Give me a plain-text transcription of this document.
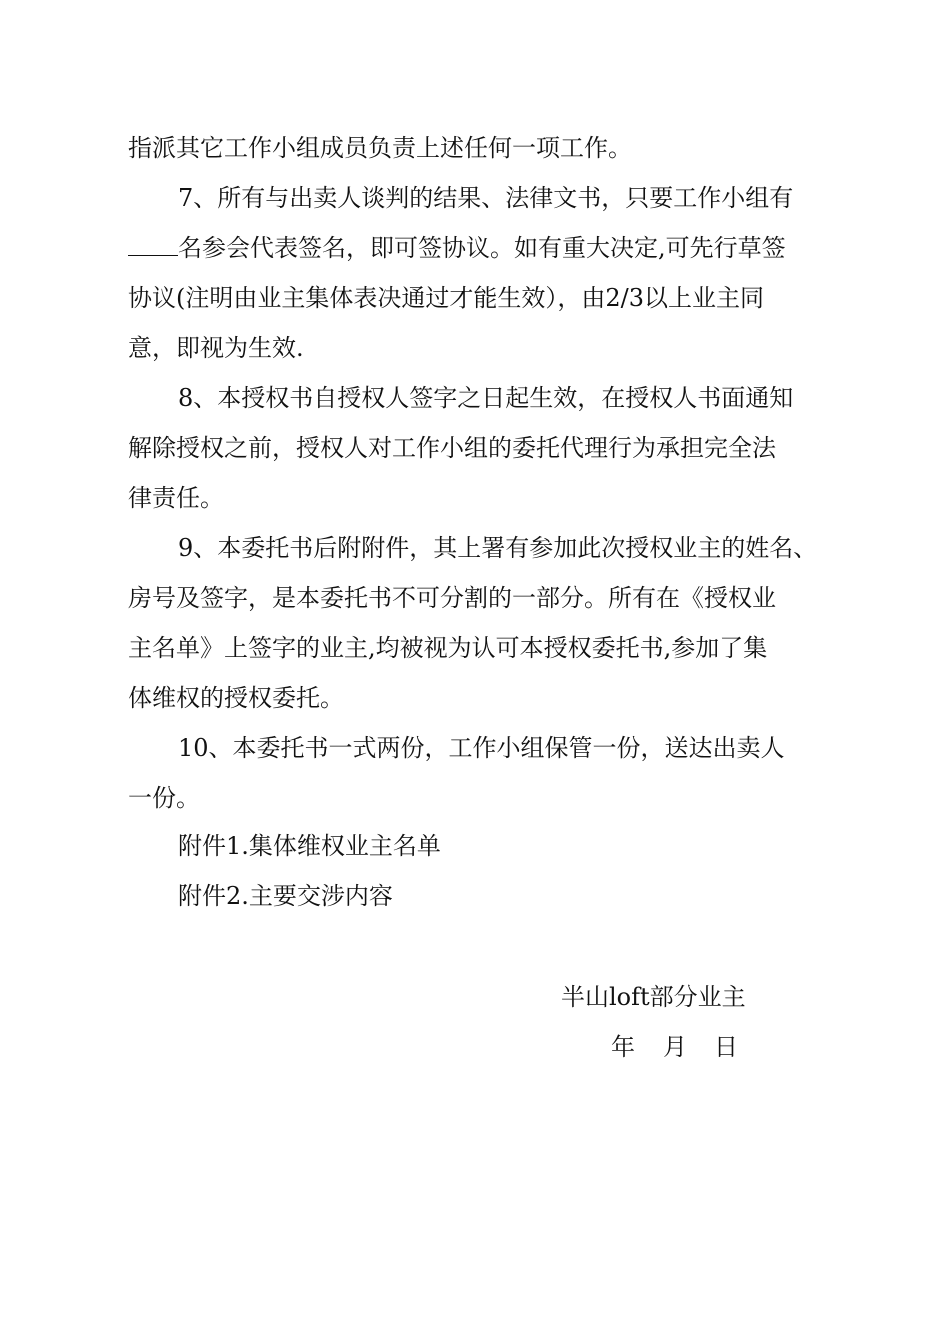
指派其它工作小组成员负责上述任何一项工作。
7、所有与出卖人谈判的结果、法律文书，只要工作小组有
名参会代表签名，即可签协议。如有重大决定,可先行草签
协议(注明由业主集体表决通过才能生效），由2/3以上业主同
意，即视为生效.
8、本授权书自授权人签字之日起生效，在授权人书面通知
解除授权之前，授权人对工作小组的委托代理行为承担完全法
律责任。
9、本委托书后附附件，其上署有参加此次授权业主的姓名、
房号及签字，是本委托书不可分割的一部分。所有在《授权业
主名单》上签字的业主,均被视为认可本授权委托书,参加了集
体维权的授权委托。
10、本委托书一式两份，工作小组保管一份，送达出卖人
一份。
附件1.集体维权业主名单
附件2.主要交涉内容
半山loft部分业主
年 月 日
